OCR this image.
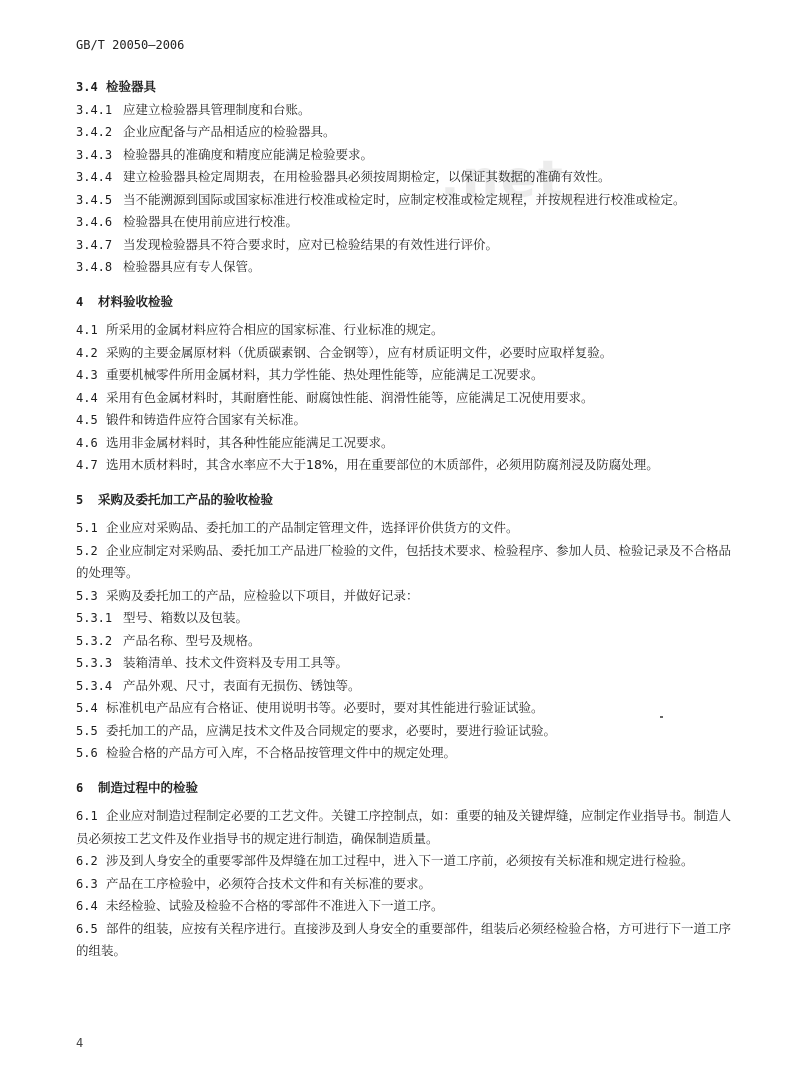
.net
GB/T 20050—2006
3.4 检验器具
3.4.1 应建立检验器具管理制度和台账。
3.4.2 企业应配备与产品相适应的检验器具。
3.4.3 检验器具的准确度和精度应能满足检验要求。
3.4.4 建立检验器具检定周期表，在用检验器具必须按周期检定，以保证其数据的准确有效性。
3.4.5 当不能溯源到国际或国家标准进行校准或检定时，应制定校准或检定规程，并按规程进行校准或检定。
3.4.6 检验器具在使用前应进行校准。
3.4.7 当发现检验器具不符合要求时，应对已检验结果的有效性进行评价。
3.4.8 检验器具应有专人保管。
4	材料验收检验
4.1 所采用的金属材料应符合相应的国家标准、行业标准的规定。
4.2 采购的主要金属原材料（优质碳素钢、合金钢等），应有材质证明文件，必要时应取样复验。
4.3 重要机械零件所用金属材料，其力学性能、热处理性能等，应能满足工况要求。
4.4 采用有色金属材料时，其耐磨性能、耐腐蚀性能、润滑性能等，应能满足工况使用要求。
4.5 锻件和铸造件应符合国家有关标准。
4.6 选用非金属材料时，其各种性能应能满足工况要求。
4.7 选用木质材料时，其含水率应不大于18%，用在重要部位的木质部件，必须用防腐剂浸及防腐处理。
5	采购及委托加工产品的验收检验
5.1 企业应对采购品、委托加工的产品制定管理文件，选择评价供货方的文件。
5.2 企业应制定对采购品、委托加工产品进厂检验的文件，包括技术要求、检验程序、参加人员、检验记录及不合格品的处理等。
5.3 采购及委托加工的产品，应检验以下项目，并做好记录：
5.3.1 型号、箱数以及包装。
5.3.2 产品名称、型号及规格。
5.3.3 装箱清单、技术文件资料及专用工具等。
5.3.4 产品外观、尺寸，表面有无损伤、锈蚀等。
5.4 标准机电产品应有合格证、使用说明书等。必要时，要对其性能进行验证试验。
5.5 委托加工的产品，应满足技术文件及合同规定的要求，必要时，要进行验证试验。
5.6 检验合格的产品方可入库，不合格品按管理文件中的规定处理。
6	制造过程中的检验
6.1 企业应对制造过程制定必要的工艺文件。关键工序控制点，如：重要的轴及关键焊缝，应制定作业指导书。制造人员必须按工艺文件及作业指导书的规定进行制造，确保制造质量。
6.2 涉及到人身安全的重要零部件及焊缝在加工过程中，进入下一道工序前，必须按有关标准和规定进行检验。
6.3 产品在工序检验中，必须符合技术文件和有关标准的要求。
6.4 未经检验、试验及检验不合格的零部件不准进入下一道工序。
6.5 部件的组装，应按有关程序进行。直接涉及到人身安全的重要部件，组装后必须经检验合格，方可进行下一道工序的组装。
4
